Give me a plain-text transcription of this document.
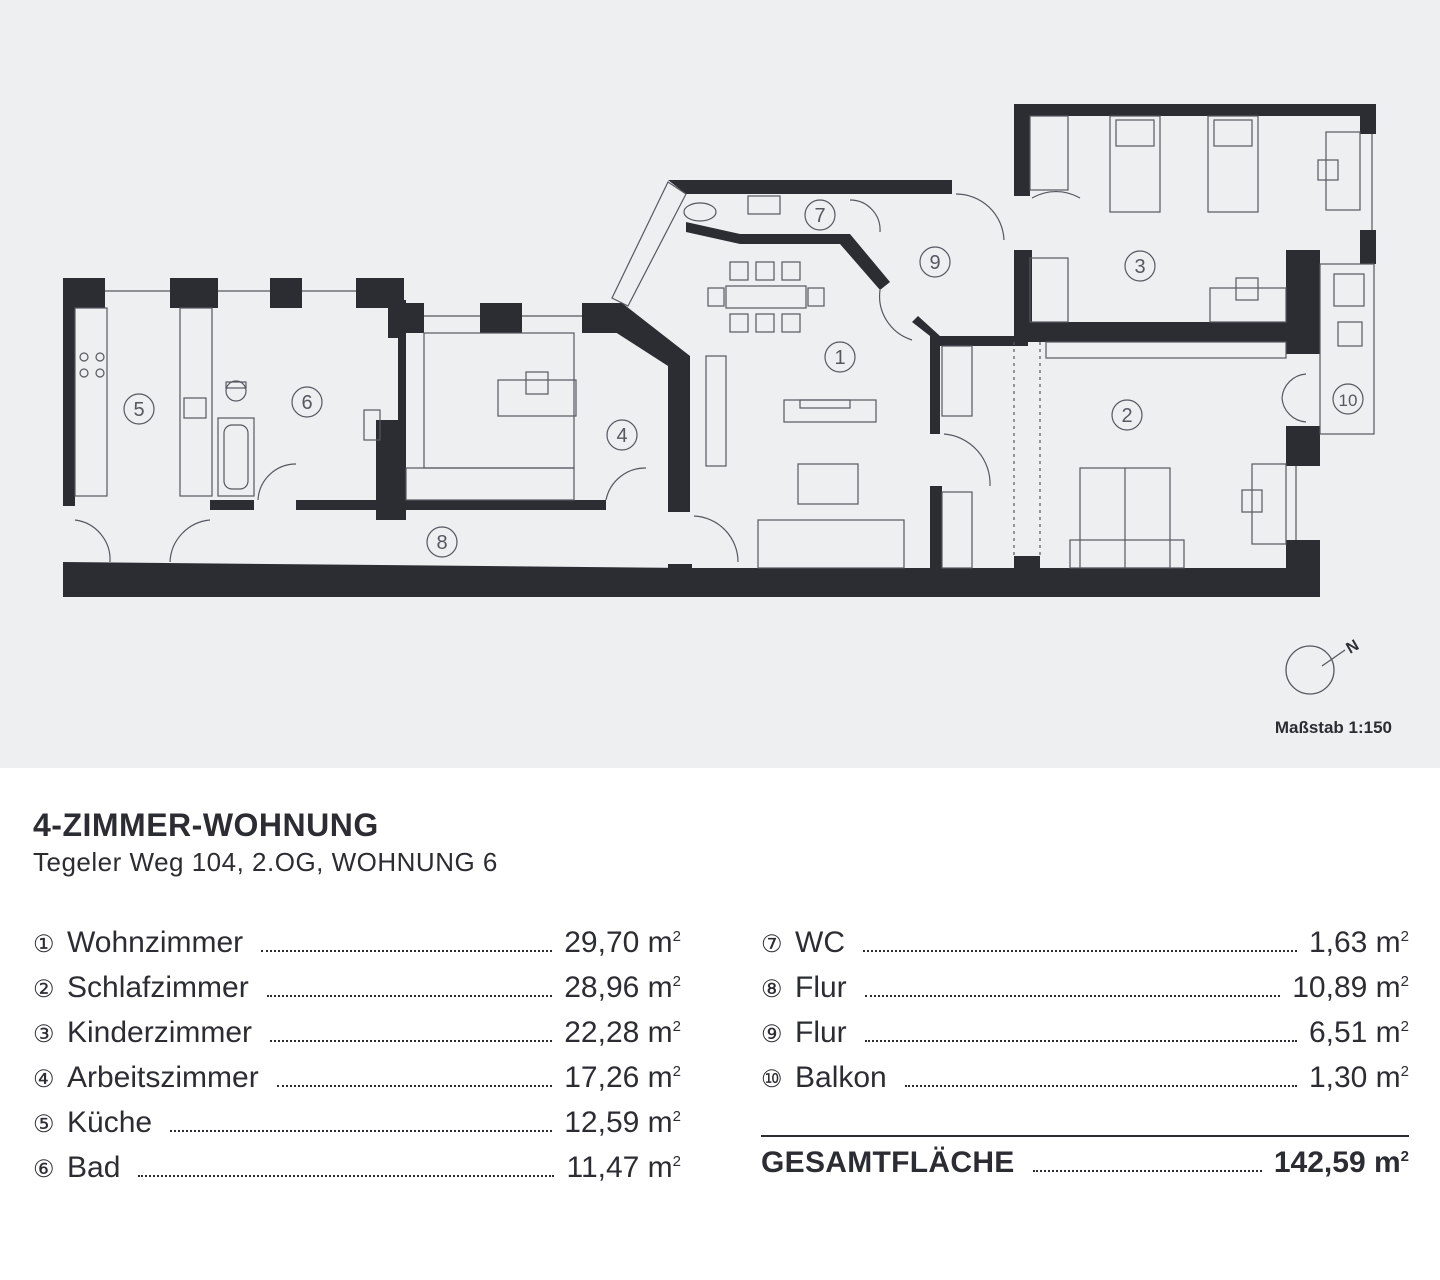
1
2
3
4
5	6
7
8
9
10
N
Maßstab 1:150
4-ZIMMER-WOHNUNG
Tegeler Weg 104, 2.OG, WOHNUNG 6
① Wohnzimmer	29,70 $m^2$
② Schlafzimmer	28,96 $m^2$
③ Kinderzimmer	22,28 $m^2$
④ Arbeitszimmer	17,26 $m^2$
⑤ Küche	12,59 $m^2$
⑥ Bad	11,47 $m^2$
⑦ WC	1,63 $m^2$
⑧ Flur	10,89 $m^2$
⑨ Flur	6,51 $m^2$
⑩ Balkon	1,30 $m^2$
GESAMTFLÄCHE	142,59 $m^2$
